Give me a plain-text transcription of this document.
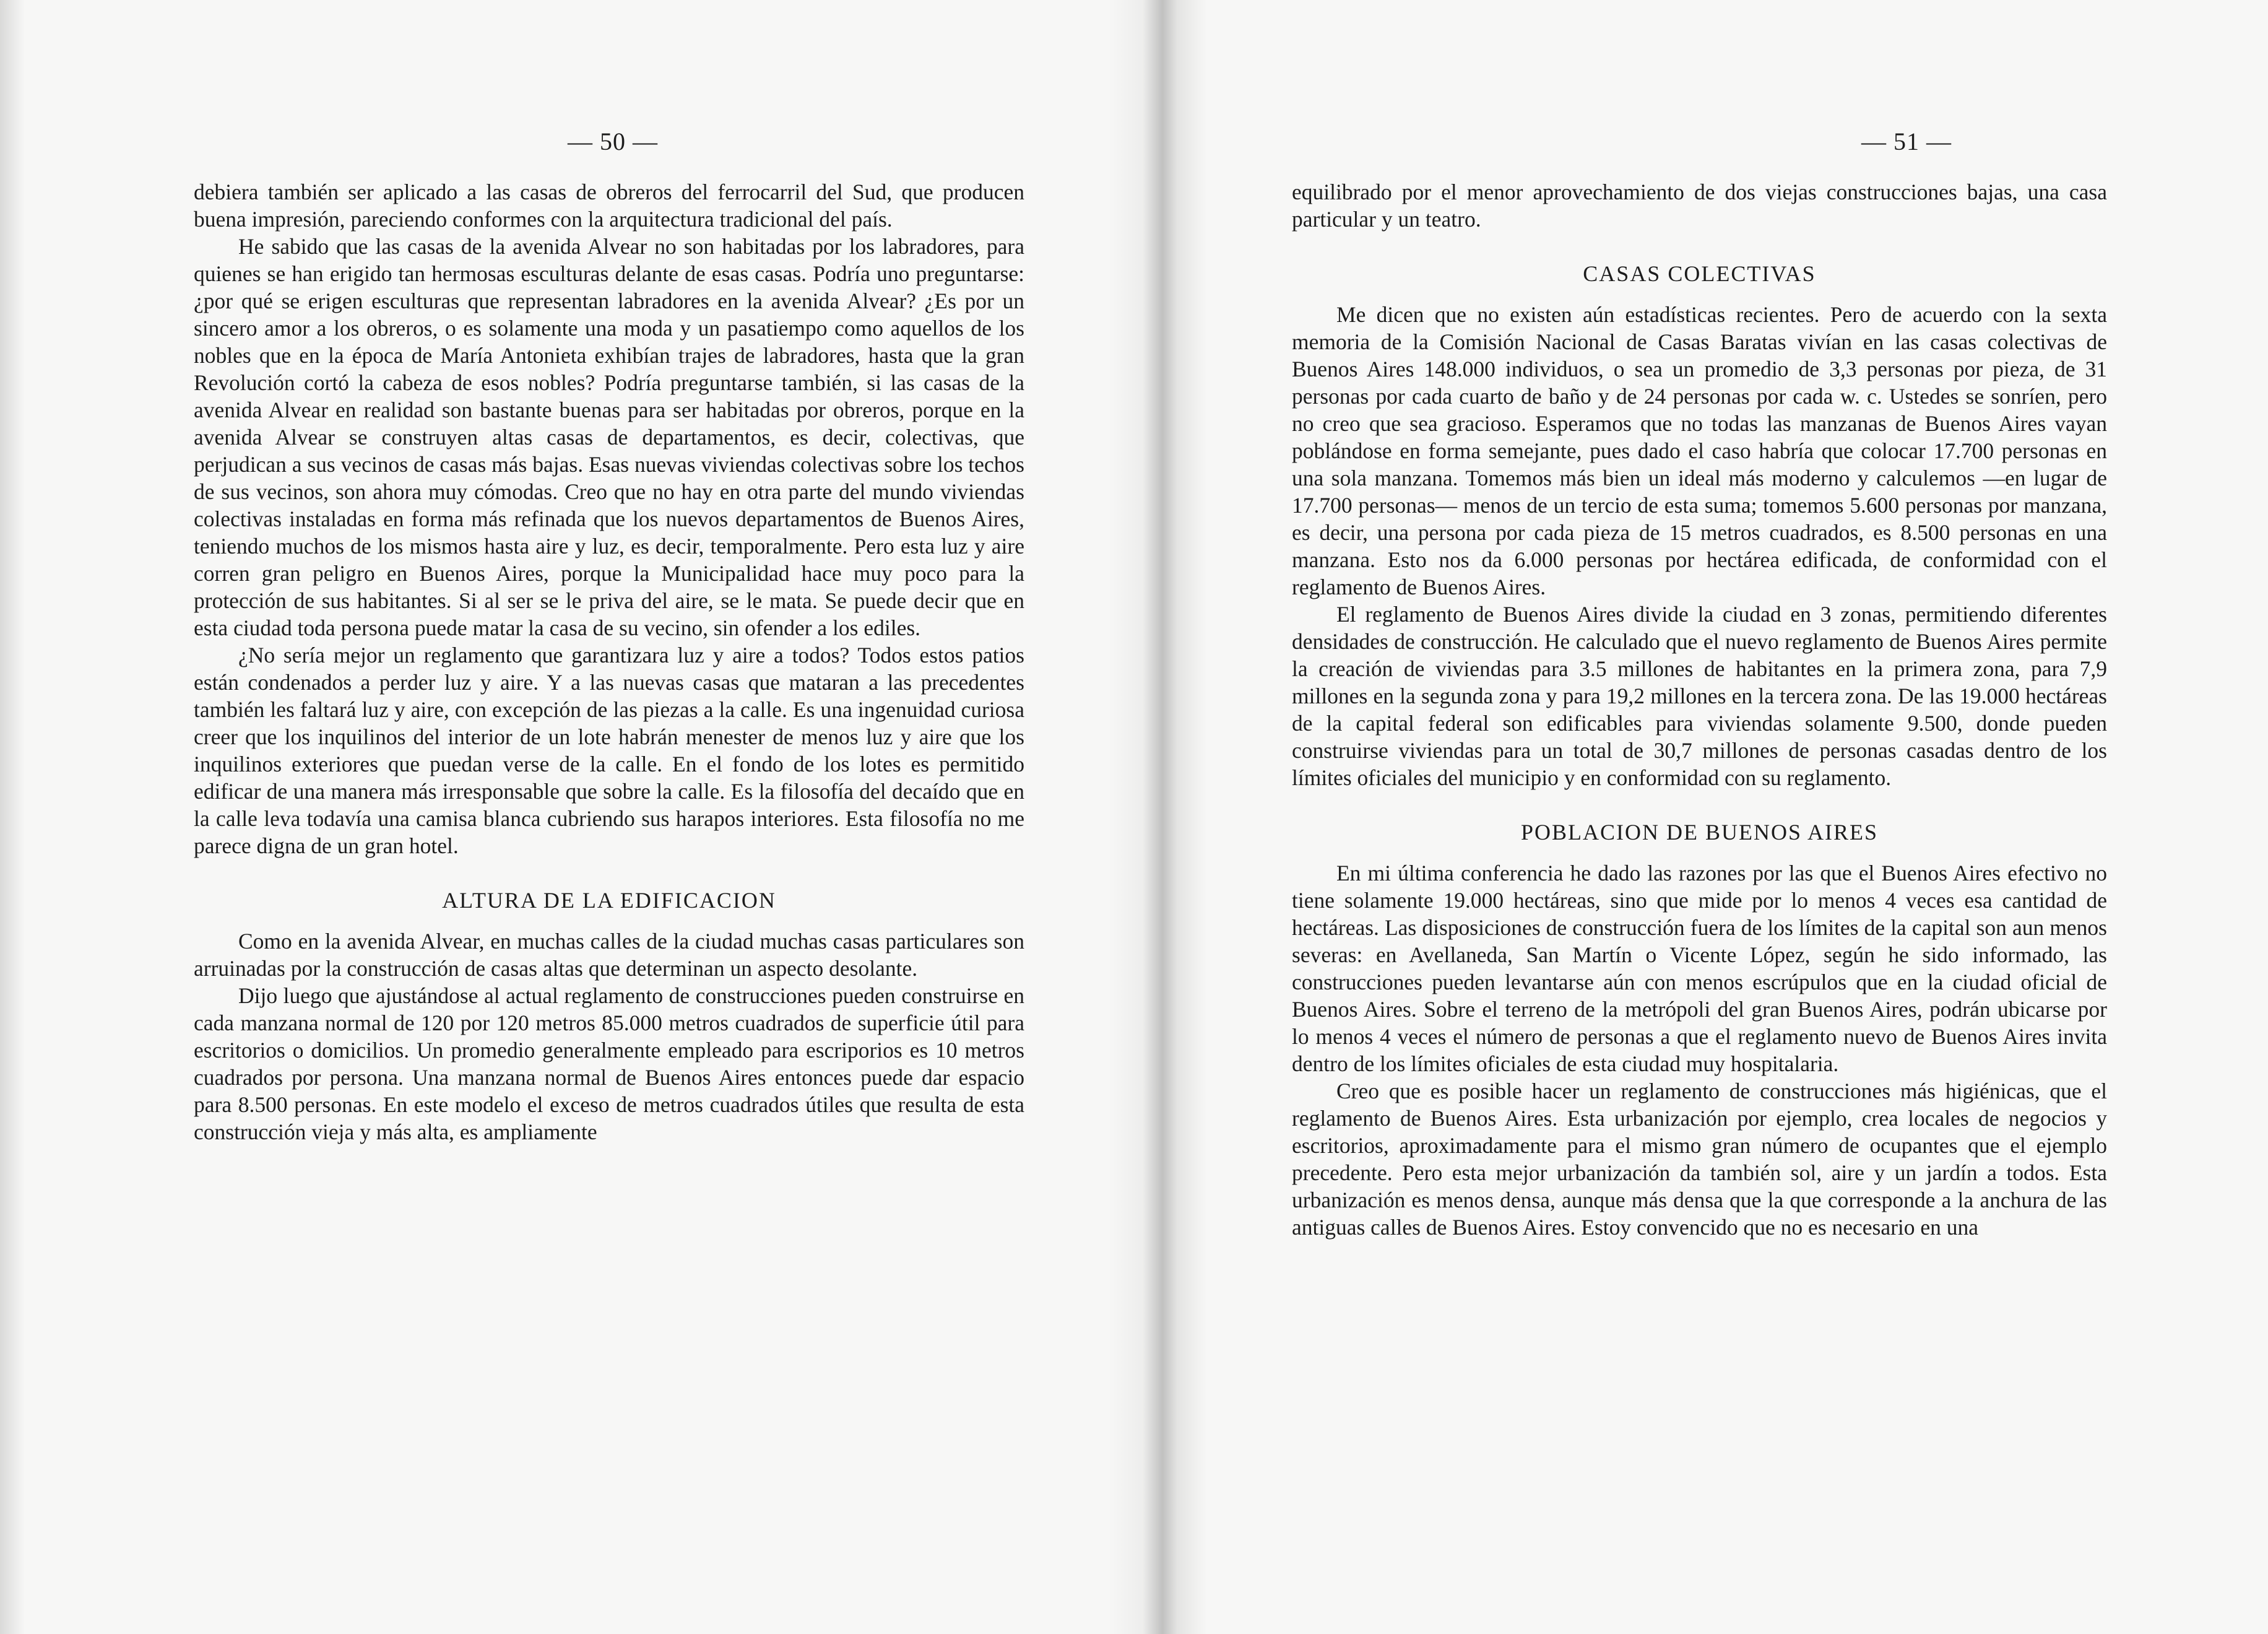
— 50 —

debiera también ser aplicado a las casas de obreros del ferrocarril del Sud, que producen buena impresión, pareciendo conformes con la arquitectura tradicional del país.

He sabido que las casas de la avenida Alvear no son habitadas por los labradores, para quienes se han erigido tan hermosas esculturas delante de esas casas. Podría uno preguntarse: ¿por qué se erigen esculturas que representan labradores en la avenida Alvear? ¿Es por un sincero amor a los obreros, o es solamente una moda y un pasatiempo como aquellos de los nobles que en la época de María Antonieta exhibían trajes de labradores, hasta que la gran Revolución cortó la cabeza de esos nobles? Podría preguntarse también, si las casas de la avenida Alvear en realidad son bastante buenas para ser habitadas por obreros, porque en la avenida Alvear se construyen altas casas de departamentos, es decir, colectivas, que perjudican a sus vecinos de casas más bajas. Esas nuevas viviendas colectivas sobre los techos de sus vecinos, son ahora muy cómodas. Creo que no hay en otra parte del mundo viviendas colectivas instaladas en forma más refinada que los nuevos departamentos de Buenos Aires, teniendo muchos de los mismos hasta aire y luz, es decir, temporalmente. Pero esta luz y aire corren gran peligro en Buenos Aires, porque la Municipalidad hace muy poco para la protección de sus habitantes. Si al ser se le priva del aire, se le mata. Se puede decir que en esta ciudad toda persona puede matar la casa de su vecino, sin ofender a los ediles.

¿No sería mejor un reglamento que garantizara luz y aire a todos? Todos estos patios están condenados a perder luz y aire. Y a las nuevas casas que mataran a las precedentes también les faltará luz y aire, con excepción de las piezas a la calle. Es una ingenuidad curiosa creer que los inquilinos del interior de un lote habrán menester de menos luz y aire que los inquilinos exteriores que puedan verse de la calle. En el fondo de los lotes es permitido edificar de una manera más irresponsable que sobre la calle. Es la filosofía del decaído que en la calle leva todavía una camisa blanca cubriendo sus harapos interiores. Esta filosofía no me parece digna de un gran hotel.

ALTURA DE LA EDIFICACION

Como en la avenida Alvear, en muchas calles de la ciudad muchas casas particulares son arruinadas por la construcción de casas altas que determinan un aspecto desolante.

Dijo luego que ajustándose al actual reglamento de construcciones pueden construirse en cada manzana normal de 120 por 120 metros 85.000 metros cuadrados de superficie útil para escritorios o domicilios. Un promedio generalmente empleado para escriporios es 10 metros cuadrados por persona. Una manzana normal de Buenos Aires entonces puede dar espacio para 8.500 personas. En este modelo el exceso de metros cuadrados útiles que resulta de esta construcción vieja y más alta, es ampliamente

— 51 —

equilibrado por el menor aprovechamiento de dos viejas construcciones bajas, una casa particular y un teatro.

CASAS COLECTIVAS

Me dicen que no existen aún estadísticas recientes. Pero de acuerdo con la sexta memoria de la Comisión Nacional de Casas Baratas vivían en las casas colectivas de Buenos Aires 148.000 individuos, o sea un promedio de 3,3 personas por pieza, de 31 personas por cada cuarto de baño y de 24 personas por cada w. c. Ustedes se sonríen, pero no creo que sea gracioso. Esperamos que no todas las manzanas de Buenos Aires vayan poblándose en forma semejante, pues dado el caso habría que colocar 17.700 personas en una sola manzana. Tomemos más bien un ideal más moderno y calculemos —en lugar de 17.700 personas— menos de un tercio de esta suma; tomemos 5.600 personas por manzana, es decir, una persona por cada pieza de 15 metros cuadrados, es 8.500 personas en una manzana. Esto nos da 6.000 personas por hectárea edificada, de conformidad con el reglamento de Buenos Aires.

El reglamento de Buenos Aires divide la ciudad en 3 zonas, permitiendo diferentes densidades de construcción. He calculado que el nuevo reglamento de Buenos Aires permite la creación de viviendas para 3.5 millones de habitantes en la primera zona, para 7,9 millones en la segunda zona y para 19,2 millones en la tercera zona. De las 19.000 hectáreas de la capital federal son edificables para viviendas solamente 9.500, donde pueden construirse viviendas para un total de 30,7 millones de personas casadas dentro de los límites oficiales del municipio y en conformidad con su reglamento.

POBLACION DE BUENOS AIRES

En mi última conferencia he dado las razones por las que el Buenos Aires efectivo no tiene solamente 19.000 hectáreas, sino que mide por lo menos 4 veces esa cantidad de hectáreas. Las disposiciones de construcción fuera de los límites de la capital son aun menos severas: en Avellaneda, San Martín o Vicente López, según he sido informado, las construcciones pueden levantarse aún con menos escrúpulos que en la ciudad oficial de Buenos Aires. Sobre el terreno de la metrópoli del gran Buenos Aires, podrán ubicarse por lo menos 4 veces el número de personas a que el reglamento nuevo de Buenos Aires invita dentro de los límites oficiales de esta ciudad muy hospitalaria.

Creo que es posible hacer un reglamento de construcciones más higiénicas, que el reglamento de Buenos Aires. Esta urbanización por ejemplo, crea locales de negocios y escritorios, aproximadamente para el mismo gran número de ocupantes que el ejemplo precedente. Pero esta mejor urbanización da también sol, aire y un jardín a todos. Esta urbanización es menos densa, aunque más densa que la que corresponde a la anchura de las antiguas calles de Buenos Aires. Estoy convencido que no es necesario en una
